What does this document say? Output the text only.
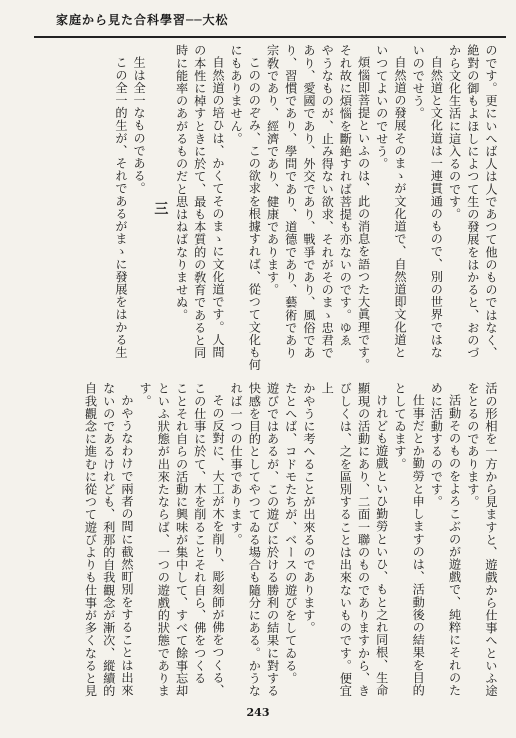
家庭から見た合科學習──大松

のです。更にいへば人は人であつて他のものではなく、

絶對の御もよほしによつて生の發展をはかると、おのづ

から文化生活に這入るのです。

自然道と文化道は一連貫通のもので、別の世界ではな

いのでせう。

自然道の發展そのまゝが文化道で、自然道即文化道と

いつてよいのでせう。

煩惱即菩提といふのは、此の消息を語つた大眞理です。

それ故に煩惱を斷絶すれば菩提も亦ないのです。ゆゑ

やうなものが、止み得ない欲求、それがそのまゝ忠君で

あり、愛國であり、外交であり、戰爭であり、風俗であ

り、習慣であり、學問であり、道德であり、藝術であり

宗敎であり、經濟であり、健康であります。

このののぞみ、この欲求を根據すれば、從つて文化も何

にもありません。

自然道の培ひは、かくてそのまゝに文化道です。人間

の本性に棹すときに於て、最も本質的の敎育であると同

時に能率のあがるものだと思はねばなりませぬ。

三

生は全一なものである。

この全一的生が、それであるがまゝに發展をはかる生

活の形相を一方から見ますと、遊戲から仕事へといふ途

をとるのであります。

活動そのものをよろこぶのが遊戲で、純粹にそれのた

めに活動するのです。

仕事だとか勤勞と申しますのは、活動後の結果を目的

としてゐます。

けれども遊戲といひ勤勞といひ、もと之れ同根、生命

顯現の活動にあり、二面一聯のものでありますから、き

びしくは、之を區別することは出來ないものです。便宜上

かやうに考へることが出來るのであります。

たとへば、コドモたちが、ベースの遊びをしてゐる。

遊びではあるが、この遊びに於ける勝利の結果に對する

快感を目的としてやつてゐる場合も隨分にある。かうな

れば一つの仕事であります。

その反對に、大工が木を削り、彫刻師が佛をつくる、

この仕事に於て、木を削ることそれ自ら、佛をつくる

ことそれ自らの活動に興味が集中して、すべて餘事忘却

といふ狀態が出來たならば、一つの遊戲的狀態でありま

す。

かやうなわけで兩者の間に截然町別をすることは出來

ないのであるけれども、利那的自我觀念が漸次、縱續的

自我觀念に進むに從つて遊びよりも仕事が多くなると見

243
